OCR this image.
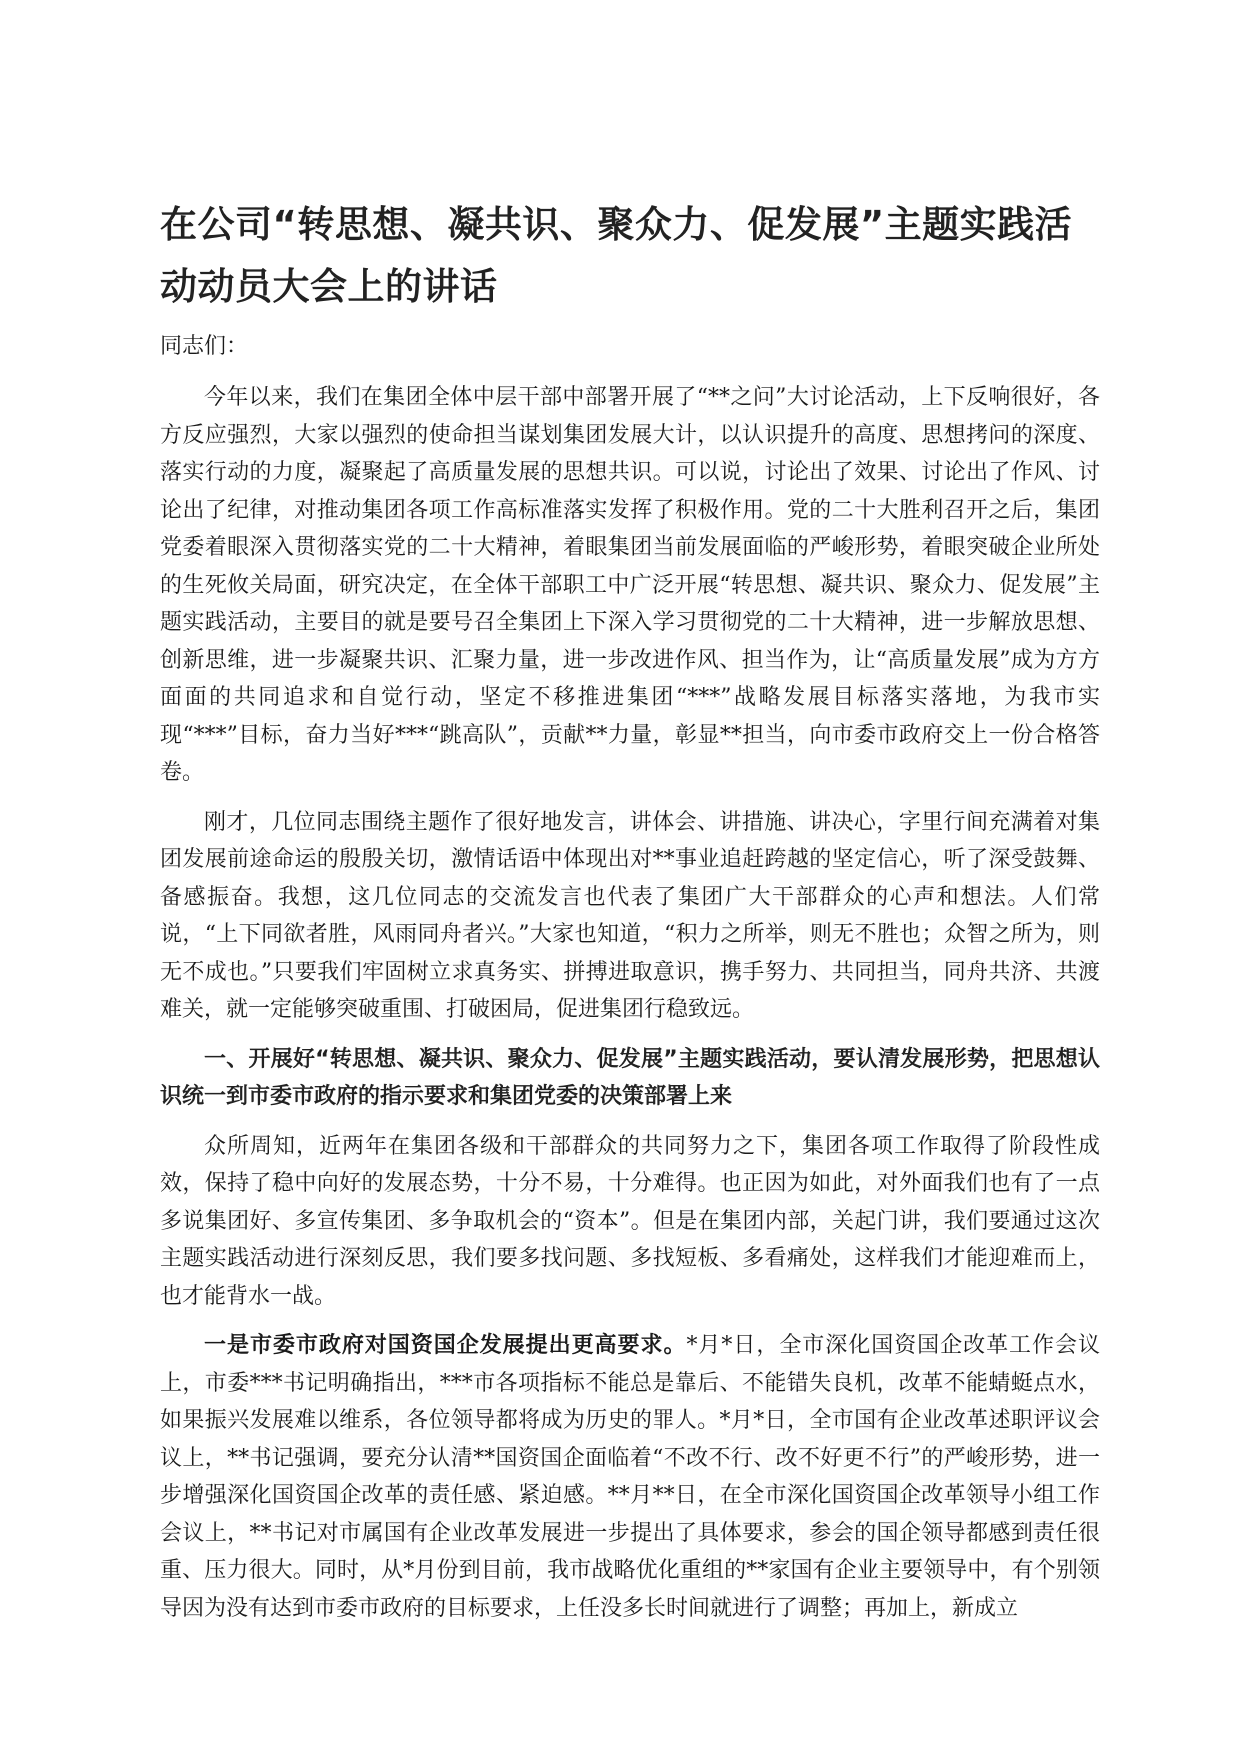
在公司“转思想、凝共识、聚众力、促发展”主题实践活动动员大会上的讲话

同志们：

今年以来，我们在集团全体中层干部中部署开展了“**之问”大讨论活动，上下反响很好，各方反应强烈，大家以强烈的使命担当谋划集团发展大计，以认识提升的高度、思想拷问的深度、落实行动的力度，凝聚起了高质量发展的思想共识。可以说，讨论出了效果、讨论出了作风、讨论出了纪律，对推动集团各项工作高标准落实发挥了积极作用。党的二十大胜利召开之后，集团党委着眼深入贯彻落实党的二十大精神，着眼集团当前发展面临的严峻形势，着眼突破企业所处的生死攸关局面，研究决定，在全体干部职工中广泛开展“转思想、凝共识、聚众力、促发展”主题实践活动，主要目的就是要号召全集团上下深入学习贯彻党的二十大精神，进一步解放思想、创新思维，进一步凝聚共识、汇聚力量，进一步改进作风、担当作为，让“高质量发展”成为方方面面的共同追求和自觉行动，坚定不移推进集团“***”战略发展目标落实落地，为我市实现“***”目标，奋力当好***“跳高队”，贡献**力量，彰显**担当，向市委市政府交上一份合格答卷。

刚才，几位同志围绕主题作了很好地发言，讲体会、讲措施、讲决心，字里行间充满着对集团发展前途命运的殷殷关切，激情话语中体现出对**事业追赶跨越的坚定信心，听了深受鼓舞、备感振奋。我想，这几位同志的交流发言也代表了集团广大干部群众的心声和想法。人们常说，“上下同欲者胜，风雨同舟者兴。”大家也知道，“积力之所举，则无不胜也；众智之所为，则无不成也。”只要我们牢固树立求真务实、拼搏进取意识，携手努力、共同担当，同舟共济、共渡难关，就一定能够突破重围、打破困局，促进集团行稳致远。

一、开展好“转思想、凝共识、聚众力、促发展”主题实践活动，要认清发展形势，把思想认识统一到市委市政府的指示要求和集团党委的决策部署上来

众所周知，近两年在集团各级和干部群众的共同努力之下，集团各项工作取得了阶段性成效，保持了稳中向好的发展态势，十分不易，十分难得。也正因为如此，对外面我们也有了一点多说集团好、多宣传集团、多争取机会的“资本”。但是在集团内部，关起门讲，我们要通过这次主题实践活动进行深刻反思，我们要多找问题、多找短板、多看痛处，这样我们才能迎难而上，也才能背水一战。

一是市委市政府对国资国企发展提出更高要求。*月*日，全市深化国资国企改革工作会议上，市委***书记明确指出，***市各项指标不能总是靠后、不能错失良机，改革不能蜻蜓点水，如果振兴发展难以维系，各位领导都将成为历史的罪人。*月*日，全市国有企业改革述职评议会议上，**书记强调，要充分认清**国资国企面临着“不改不行、改不好更不行”的严峻形势，进一步增强深化国资国企改革的责任感、紧迫感。**月**日，在全市深化国资国企改革领导小组工作会议上，**书记对市属国有企业改革发展进一步提出了具体要求，参会的国企领导都感到责任很重、压力很大。同时，从*月份到目前，我市战略优化重组的**家国有企业主要领导中，有个别领导因为没有达到市委市政府的目标要求，上任没多长时间就进行了调整；再加上，新成立
